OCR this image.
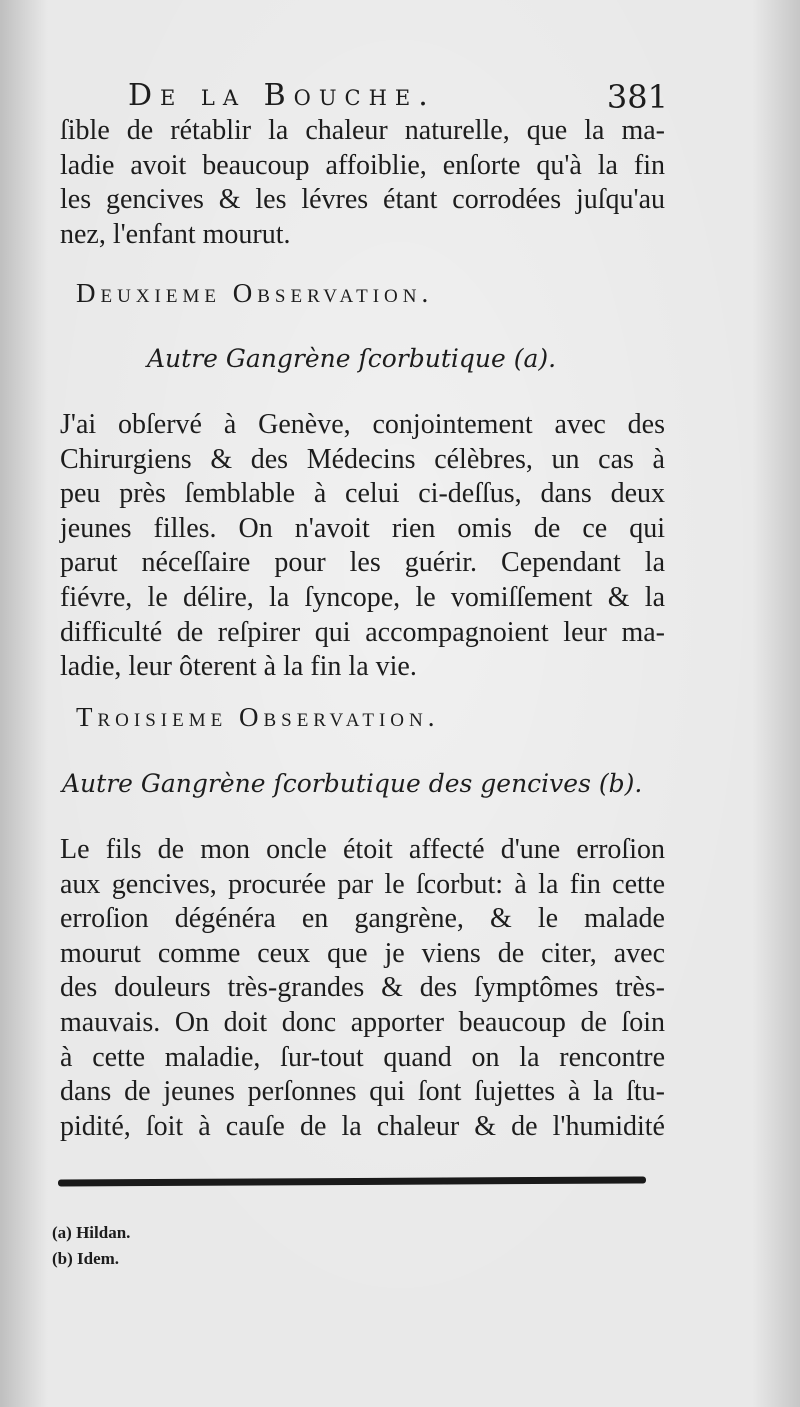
De la Bouche.	381
ſible de rétablir la chaleur naturelle, que la ma-
ladie avoit beaucoup affoiblie, enſorte qu'à la fin
les gencives & les lévres étant corrodées juſqu'au
nez, l'enfant mourut.
Deuxieme Observation.
Autre Gangrène ſcorbutique (a).
J'ai obſervé à Genève, conjointement avec des
Chirurgiens & des Médecins célèbres, un cas à
peu près ſemblable à celui ci-deſſus, dans deux
jeunes filles. On n'avoit rien omis de ce qui
parut néceſſaire pour les guérir. Cependant la
fiévre, le délire, la ſyncope, le vomiſſement & la
difficulté de reſpirer qui accompagnoient leur ma-
ladie, leur ôterent à la fin la vie.
Troisieme Observation.
Autre Gangrène ſcorbutique des gencives (b).
Le fils de mon oncle étoit affecté d'une erroſion
aux gencives, procurée par le ſcorbut: à la fin cette
erroſion dégénéra en gangrène, & le malade
mourut comme ceux que je viens de citer, avec
des douleurs très-grandes & des ſymptômes très-
mauvais. On doit donc apporter beaucoup de ſoin
à cette maladie, ſur-tout quand on la rencontre
dans de jeunes perſonnes qui ſont ſujettes à la ſtu-
pidité, ſoit à cauſe de la chaleur & de l'humidité
(a) Hildan.
(b) Idem.
